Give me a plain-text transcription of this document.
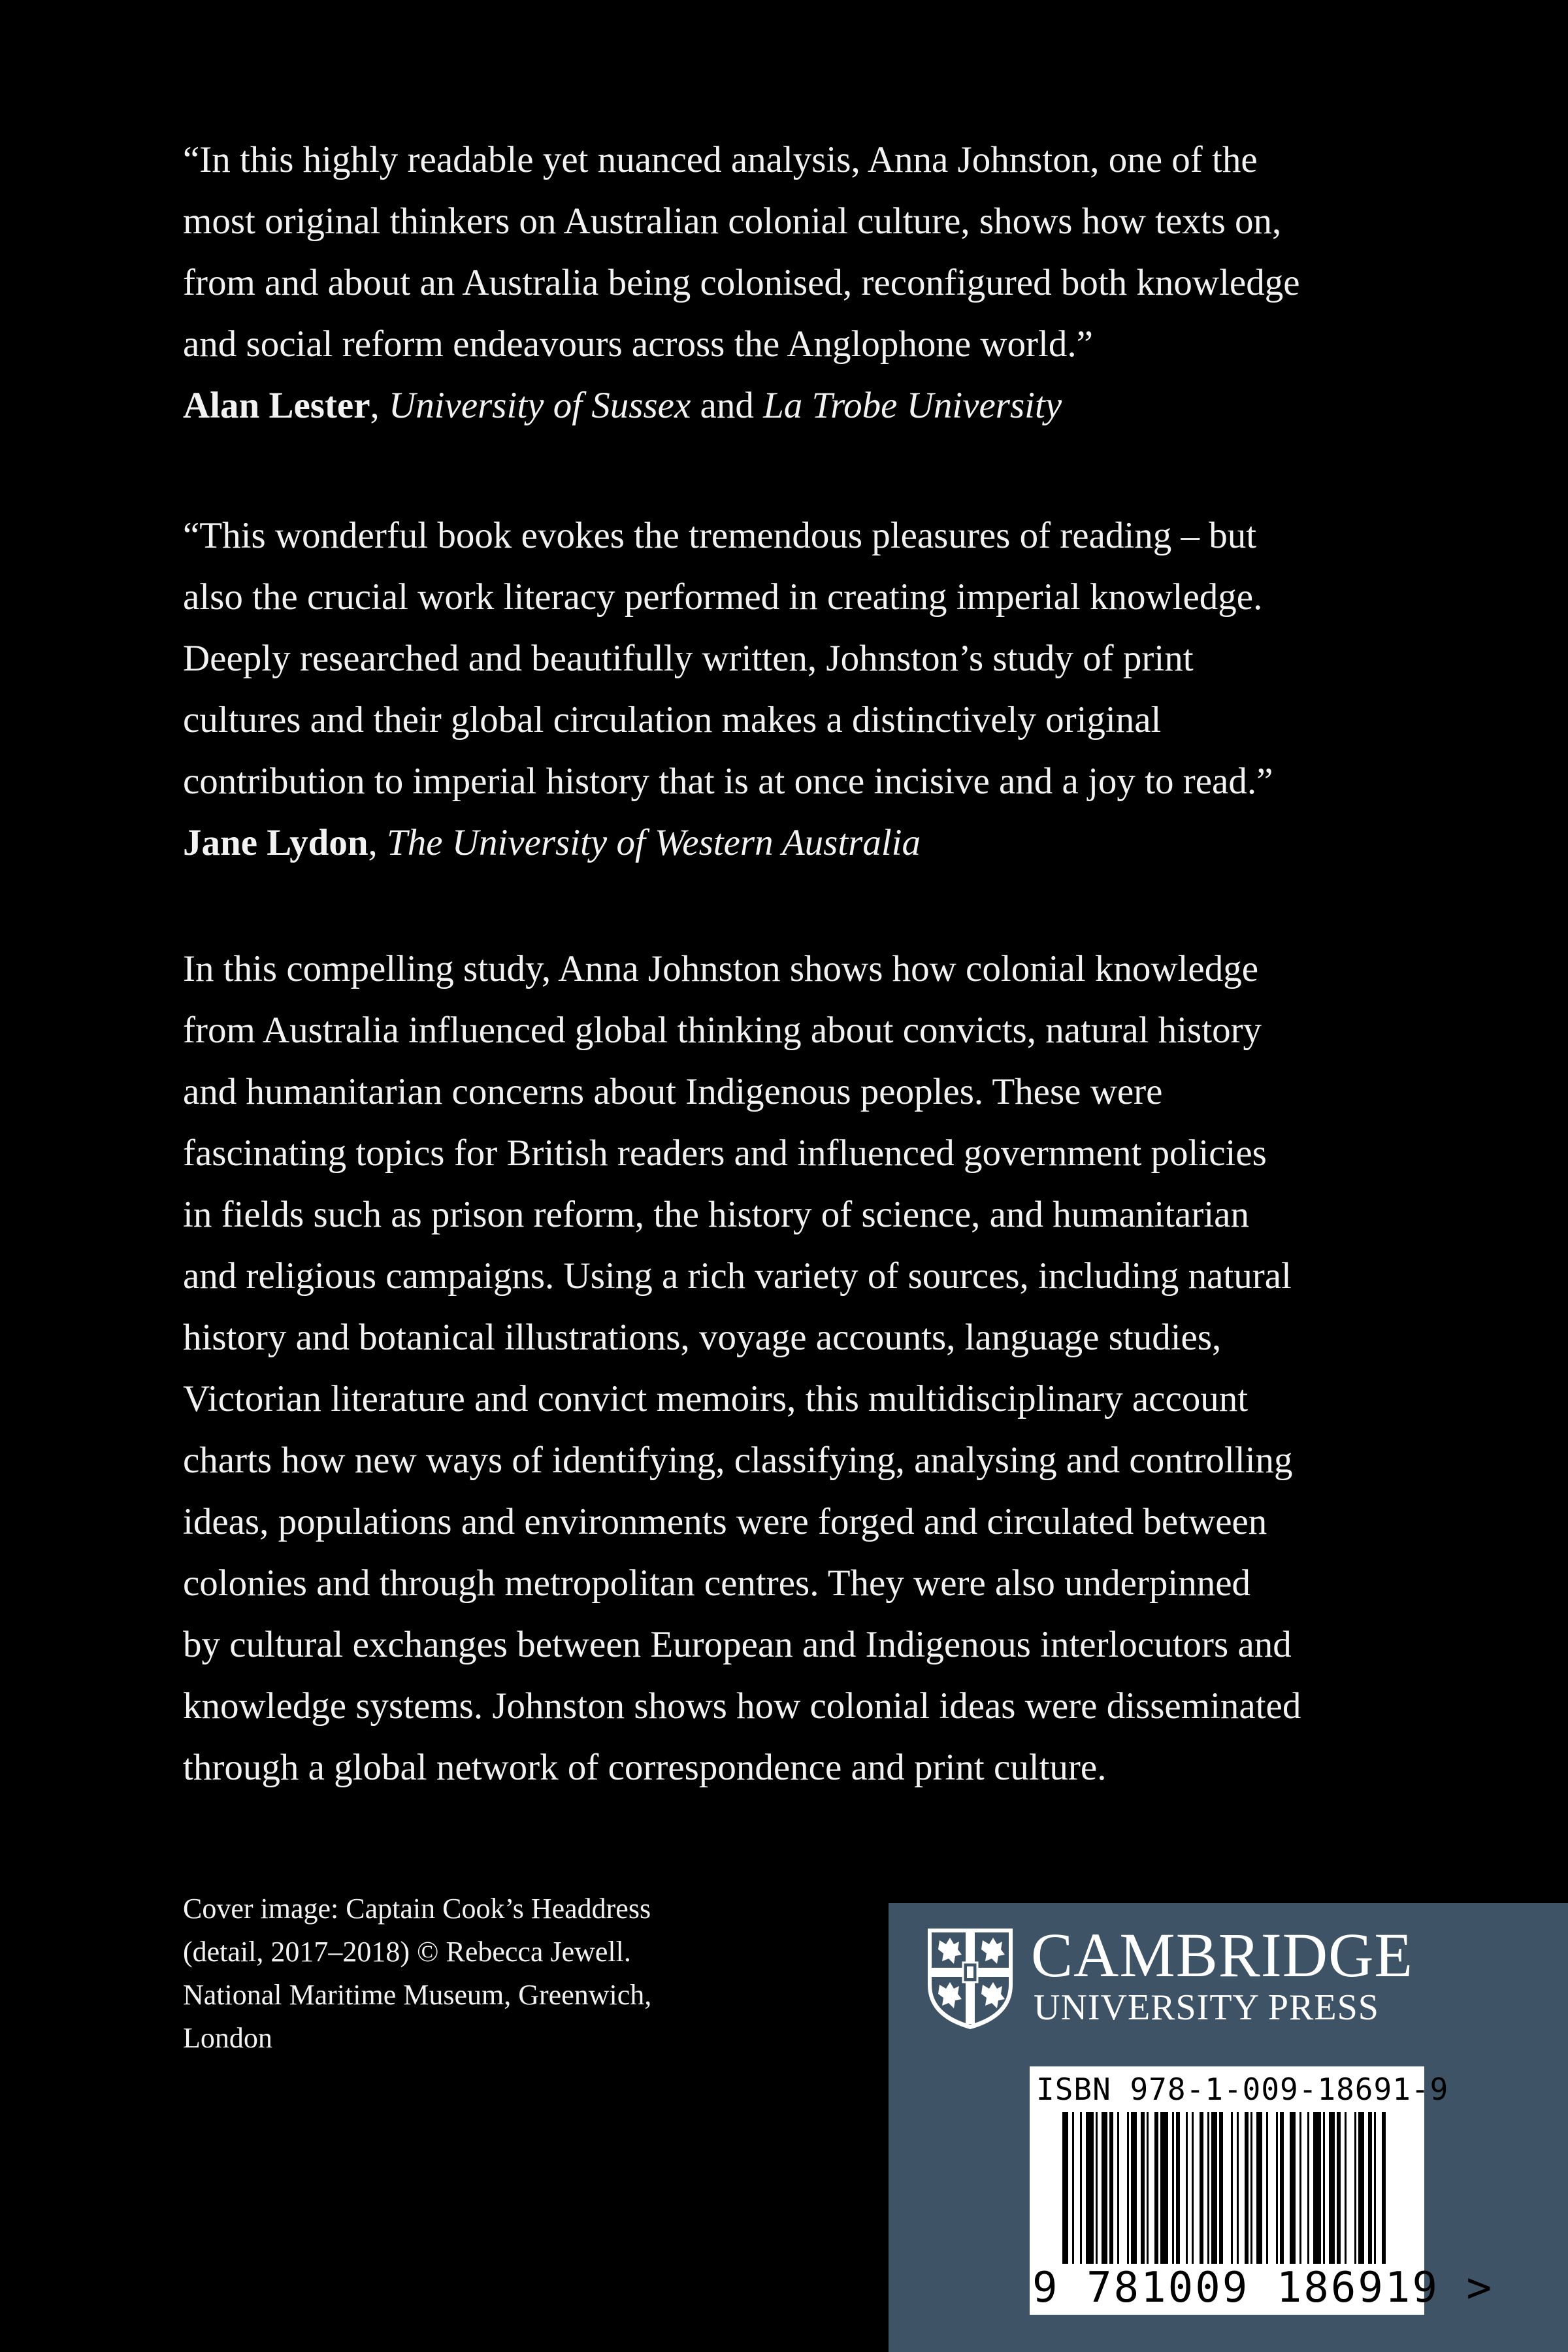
“In this highly readable yet nuanced analysis, Anna Johnston, one of the
most original thinkers on Australian colonial culture, shows how texts on,
from and about an Australia being colonised, reconfigured both knowledge
and social reform endeavours across the Anglophone world.”

Alan Lester, University of Sussex and La Trobe University

“This wonderful book evokes the tremendous pleasures of reading – but
also the crucial work literacy performed in creating imperial knowledge.
Deeply researched and beautifully written, Johnston’s study of print
cultures and their global circulation makes a distinctively original
contribution to imperial history that is at once incisive and a joy to read.”

Jane Lydon, The University of Western Australia

In this compelling study, Anna Johnston shows how colonial knowledge
from Australia influenced global thinking about convicts, natural history
and humanitarian concerns about Indigenous peoples. These were
fascinating topics for British readers and influenced government policies
in fields such as prison reform, the history of science, and humanitarian
and religious campaigns. Using a rich variety of sources, including natural
history and botanical illustrations, voyage accounts, language studies,
Victorian literature and convict memoirs, this multidisciplinary account
charts how new ways of identifying, classifying, analysing and controlling
ideas, populations and environments were forged and circulated between
colonies and through metropolitan centres. They were also underpinned
by cultural exchanges between European and Indigenous interlocutors and
knowledge systems. Johnston shows how colonial ideas were disseminated
through a global network of correspondence and print culture.

Cover image: Captain Cook’s Headdress
(detail, 2017–2018) © Rebecca Jewell.
National Maritime Museum, Greenwich,
London

CAMBRIDGE

UNIVERSITY PRESS

ISBN 978-1-009-18691-9
9 781009 186919 >
